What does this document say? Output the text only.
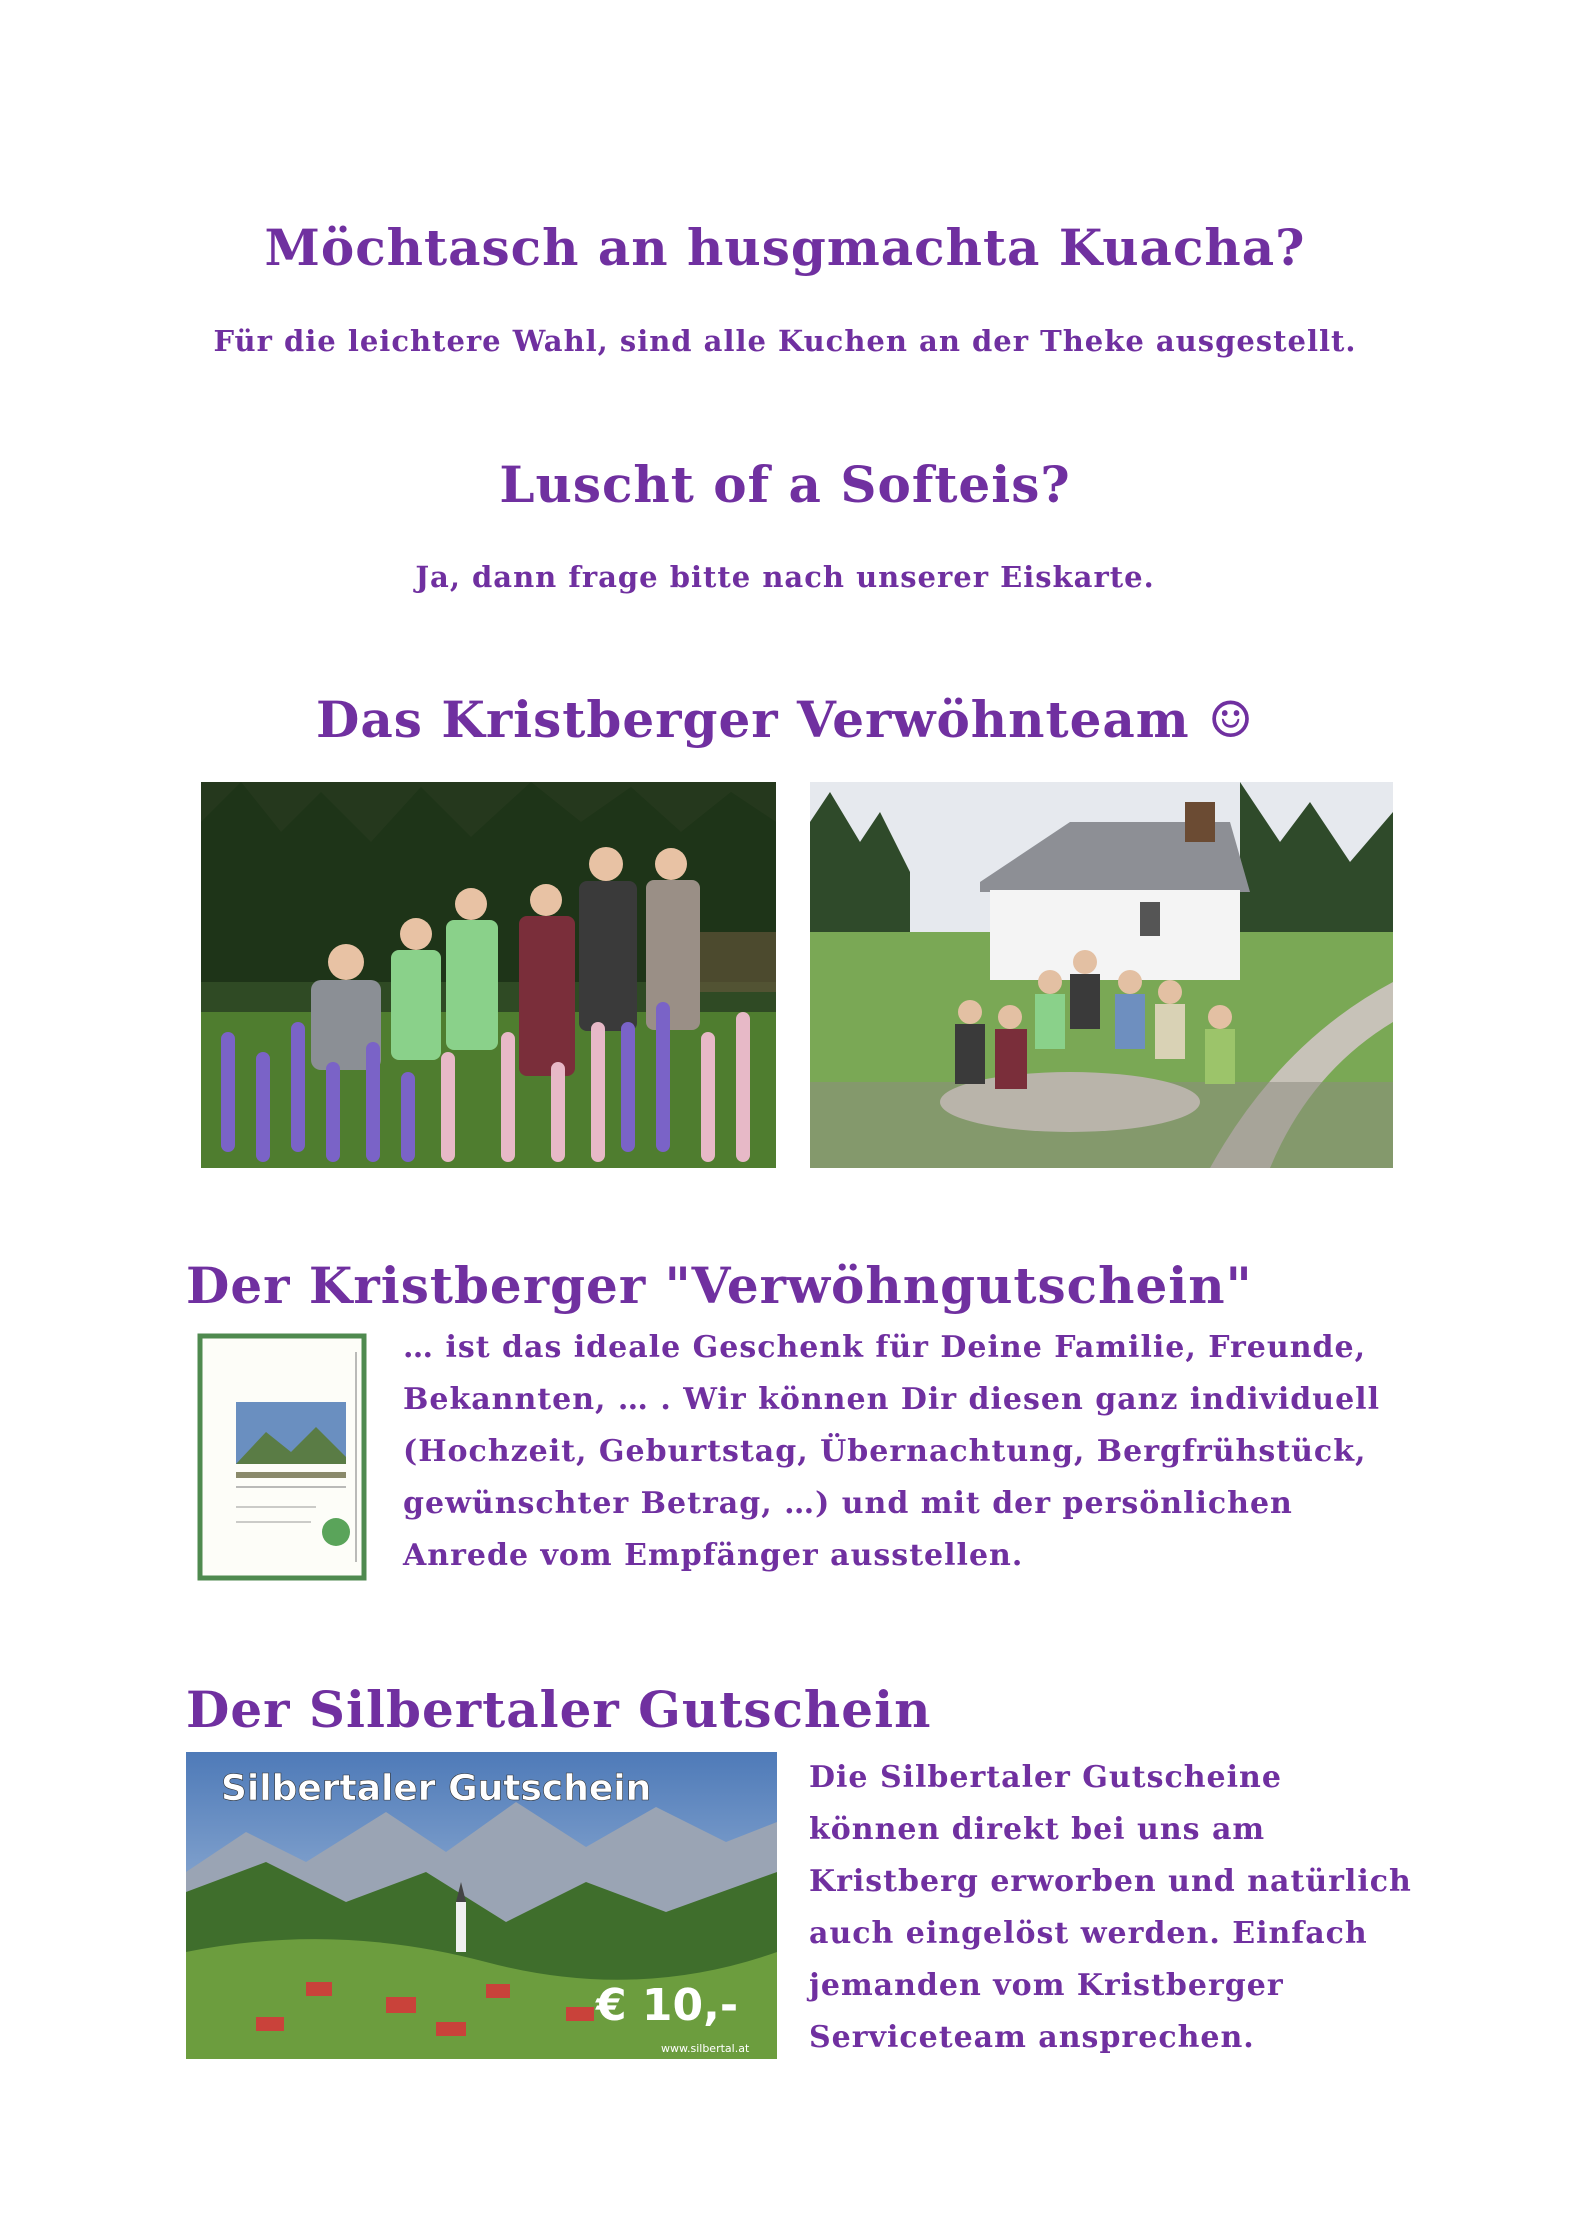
Möchtasch an husgmachta Kuacha?
Für die leichtere Wahl, sind alle Kuchen an der Theke ausgestellt.
Luscht of a Softeis?
Ja, dann frage bitte nach unserer Eiskarte.
Das Kristberger Verwöhnteam ☺
Der Kristberger "Verwöhngutschein"
… ist das ideale Geschenk für Deine Familie, Freunde,
Bekannten, … . Wir können Dir diesen ganz individuell
(Hochzeit, Geburtstag, Übernachtung, Bergfrühstück,
gewünschter Betrag, …) und mit der persönlichen
Anrede vom Empfänger ausstellen.
Der Silbertaler Gutschein
Silbertaler Gutschein
€ 10,-
www.silbertal.at
Die Silbertaler Gutscheine
können direkt bei uns am
Kristberg erworben und natürlich
auch eingelöst werden. Einfach
jemanden vom Kristberger
Serviceteam ansprechen.
